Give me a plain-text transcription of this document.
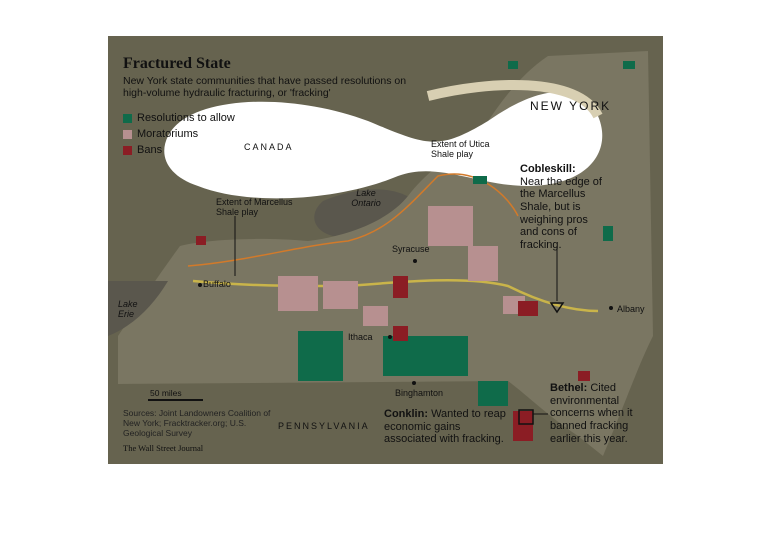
Fractured State
New York state communities that have passed resolutions on high-volume hydraulic fracturing, or 'fracking'
Resolutions to allow
Moratoriums
Bans
NEW YORK
CANADA
PENNSYLVANIA
Lake Ontario
Lake Erie
Extent of Utica Shale play
Extent of Marcellus Shale play
Buffalo
Syracuse
Ithaca
Binghamton
Albany
Cobleskill: Near the edge of the Marcellus Shale, but is weighing pros and cons of fracking.
Conklin: Wanted to reap economic gains associated with fracking.
Bethel: Cited environmental concerns when it banned fracking earlier this year.
50 miles
Sources: Joint Landowners Coalition of New York; Fracktracker.org; U.S. Geological Survey
The Wall Street Journal
